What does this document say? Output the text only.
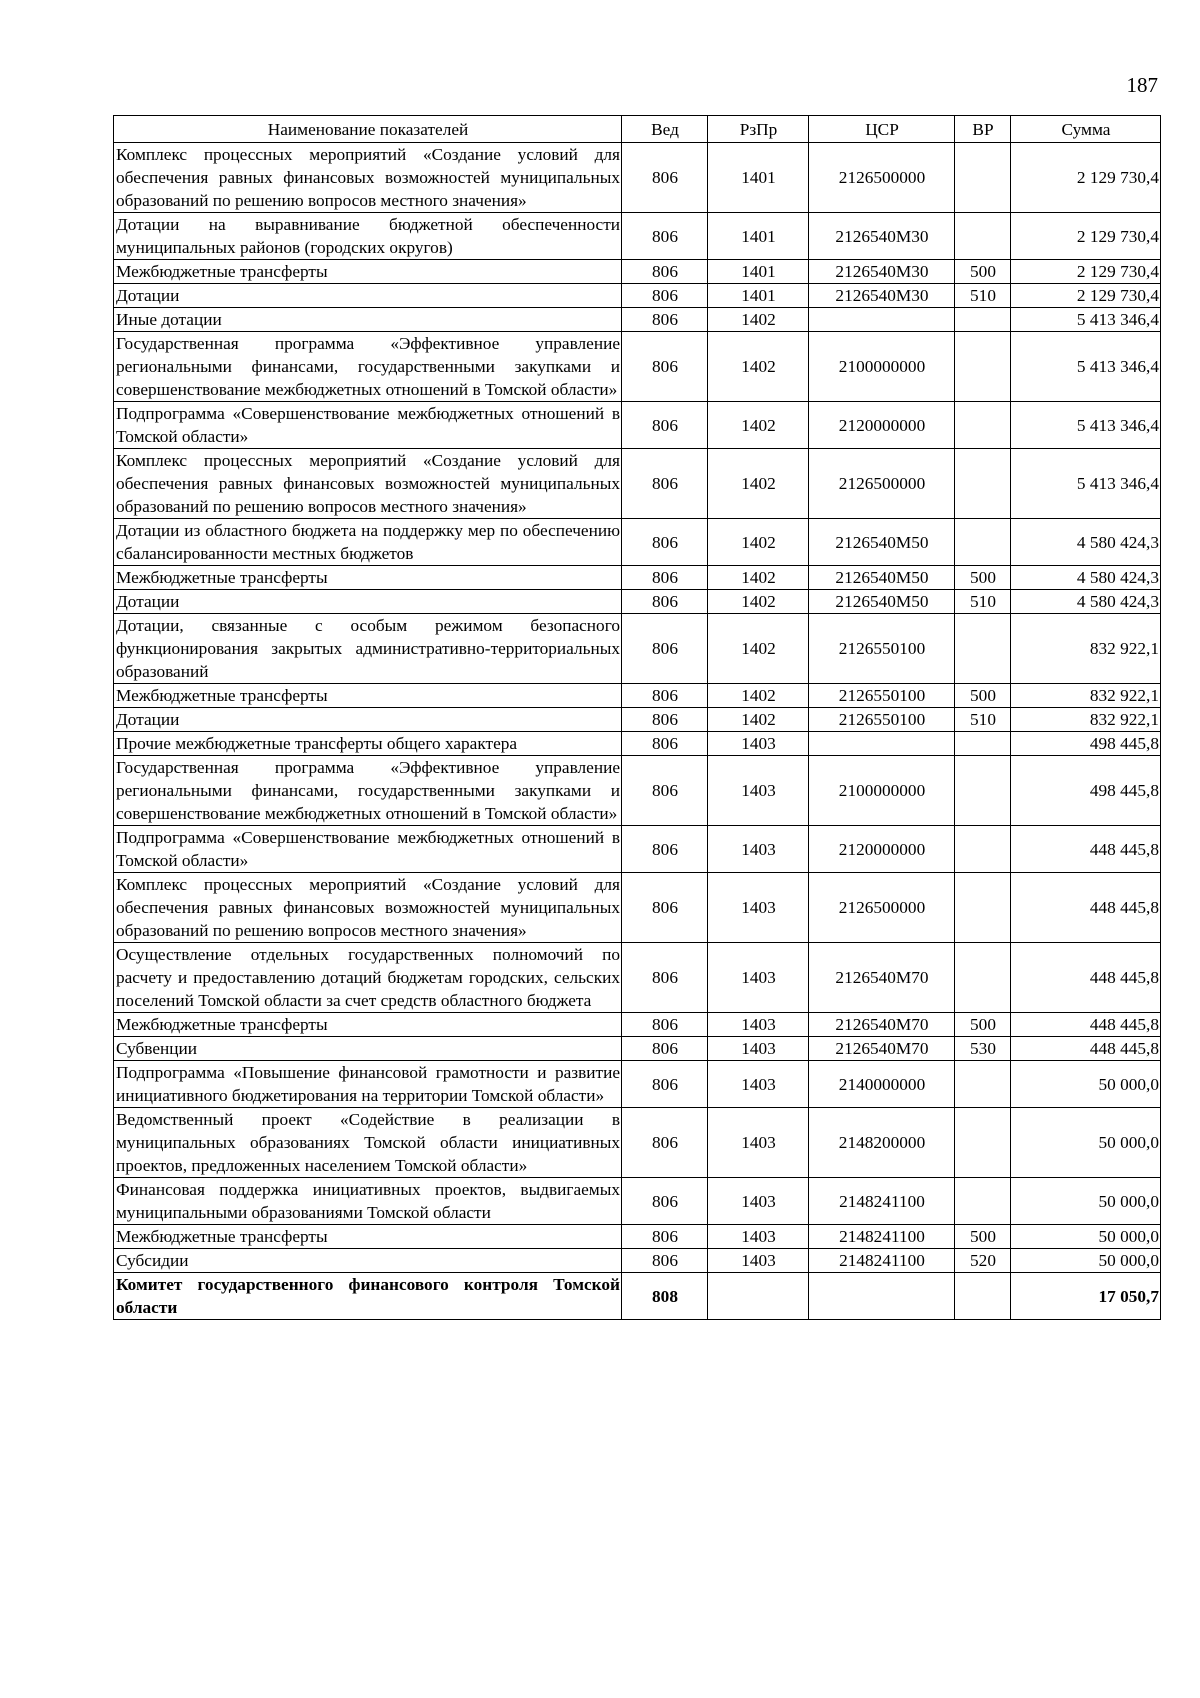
187
Наименование показателей	Вед	РзПр	ЦСР	ВР	Сумма
Комплекс процессных мероприятий «Создание условий для обеспечения равных финансовых возможностей муниципальных образований по решению вопросов местного значения»	806	1401	2126500000		2 129 730,4
Дотации на выравнивание бюджетной обеспеченности муниципальных районов (городских округов)	806	1401	2126540М30		2 129 730,4
Межбюджетные трансферты	806	1401	2126540М30	500	2 129 730,4
Дотации	806	1401	2126540М30	510	2 129 730,4
Иные дотации	806	1402			5 413 346,4
Государственная программа «Эффективное управление региональными финансами, государственными закупками и совершенствование межбюджетных отношений в Томской области»	806	1402	2100000000		5 413 346,4
Подпрограмма «Совершенствование межбюджетных отношений в Томской области»	806	1402	2120000000		5 413 346,4
Комплекс процессных мероприятий «Создание условий для обеспечения равных финансовых возможностей муниципальных образований по решению вопросов местного значения»	806	1402	2126500000		5 413 346,4
Дотации из областного бюджета на поддержку мер по обеспечению сбалансированности местных бюджетов	806	1402	2126540М50		4 580 424,3
Межбюджетные трансферты	806	1402	2126540М50	500	4 580 424,3
Дотации	806	1402	2126540М50	510	4 580 424,3
Дотации, связанные с особым режимом безопасного функционирования закрытых административно-территориальных образований	806	1402	2126550100		832 922,1
Межбюджетные трансферты	806	1402	2126550100	500	832 922,1
Дотации	806	1402	2126550100	510	832 922,1
Прочие межбюджетные трансферты общего характера	806	1403			498 445,8
Государственная программа «Эффективное управление региональными финансами, государственными закупками и совершенствование межбюджетных отношений в Томской области»	806	1403	2100000000		498 445,8
Подпрограмма «Совершенствование межбюджетных отношений в Томской области»	806	1403	2120000000		448 445,8
Комплекс процессных мероприятий «Создание условий для обеспечения равных финансовых возможностей муниципальных образований по решению вопросов местного значения»	806	1403	2126500000		448 445,8
Осуществление отдельных государственных полномочий по расчету и предоставлению дотаций бюджетам городских, сельских поселений Томской области за счет средств областного бюджета	806	1403	2126540М70		448 445,8
Межбюджетные трансферты	806	1403	2126540М70	500	448 445,8
Субвенции	806	1403	2126540М70	530	448 445,8
Подпрограмма «Повышение финансовой грамотности и развитие инициативного бюджетирования на территории Томской области»	806	1403	2140000000		50 000,0
Ведомственный проект «Содействие в реализации в муниципальных образованиях Томской области инициативных проектов, предложенных населением Томской области»	806	1403	2148200000		50 000,0
Финансовая поддержка инициативных проектов, выдвигаемых муниципальными образованиями Томской области	806	1403	2148241100		50 000,0
Межбюджетные трансферты	806	1403	2148241100	500	50 000,0
Субсидии	806	1403	2148241100	520	50 000,0
Комитет государственного финансового контроля Томской области	808				17 050,7
